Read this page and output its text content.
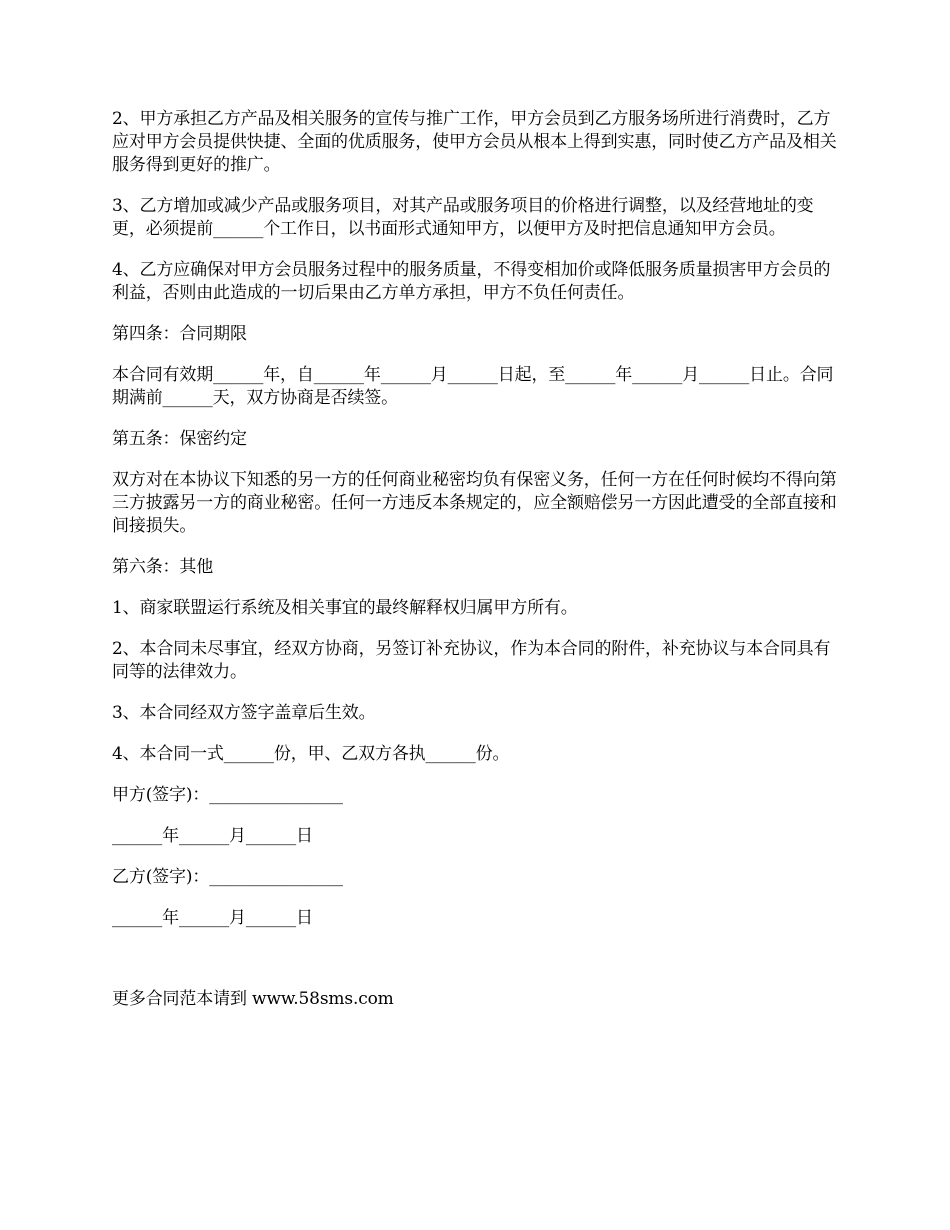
2、甲方承担乙方产品及相关服务的宣传与推广工作，甲方会员到乙方服务场所进行消费时，乙方应对甲方会员提供快捷、全面的优质服务，使甲方会员从根本上得到实惠，同时使乙方产品及相关服务得到更好的推广。

3、乙方增加或减少产品或服务项目，对其产品或服务项目的价格进行调整，以及经营地址的变更，必须提前______个工作日，以书面形式通知甲方，以便甲方及时把信息通知甲方会员。

4、乙方应确保对甲方会员服务过程中的服务质量，不得变相加价或降低服务质量损害甲方会员的利益，否则由此造成的一切后果由乙方单方承担，甲方不负任何责任。

第四条：合同期限

本合同有效期______年，自______年______月______日起，至______年______月______日止。合同期满前______天，双方协商是否续签。

第五条：保密约定

双方对在本协议下知悉的另一方的任何商业秘密均负有保密义务，任何一方在任何时候均不得向第三方披露另一方的商业秘密。任何一方违反本条规定的，应全额赔偿另一方因此遭受的全部直接和间接损失。

第六条：其他

1、商家联盟运行系统及相关事宜的最终解释权归属甲方所有。

2、本合同未尽事宜，经双方协商，另签订补充协议，作为本合同的附件，补充协议与本合同具有同等的法律效力。

3、本合同经双方签字盖章后生效。

4、本合同一式______份，甲、乙双方各执______份。

甲方(签字)：________________

______年______月______日

乙方(签字)：________________

______年______月______日

更多合同范本请到 www.58sms.com
